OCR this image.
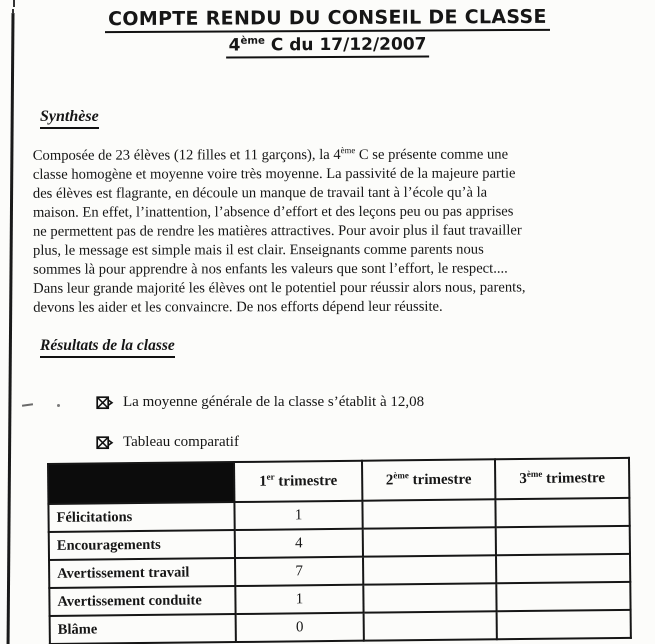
COMPTE RENDU DU CONSEIL DE CLASSE
4ème C du 17/12/2007
Synthèse
Composée de 23 élèves (12 filles et 11 garçons), la 4ème C se présente comme une
classe homogène et moyenne voire très moyenne. La passivité de la majeure partie
des élèves est flagrante, en découle un manque de travail tant à l’école qu’à la
maison. En effet, l’inattention, l’absence d’effort et des leçons peu ou pas apprises
ne permettent pas de rendre les matières attractives. Pour avoir plus il faut travailler
plus, le message est simple mais il est clair. Enseignants comme parents nous
sommes là pour apprendre à nos enfants les valeurs que sont l’effort, le respect....
Dans leur grande majorité les élèves ont le potentiel pour réussir alors nous, parents,
devons les aider et les convaincre. De nos efforts dépend leur réussite.
Résultats de la classe
La moyenne générale de la classe s’établit à 12,08
Tableau comparatif
	1er trimestre	2ème trimestre	3ème trimestre
Félicitations	1		
Encouragements	4		
Avertissement travail	7		
Avertissement conduite	1		
Blâme	0		
